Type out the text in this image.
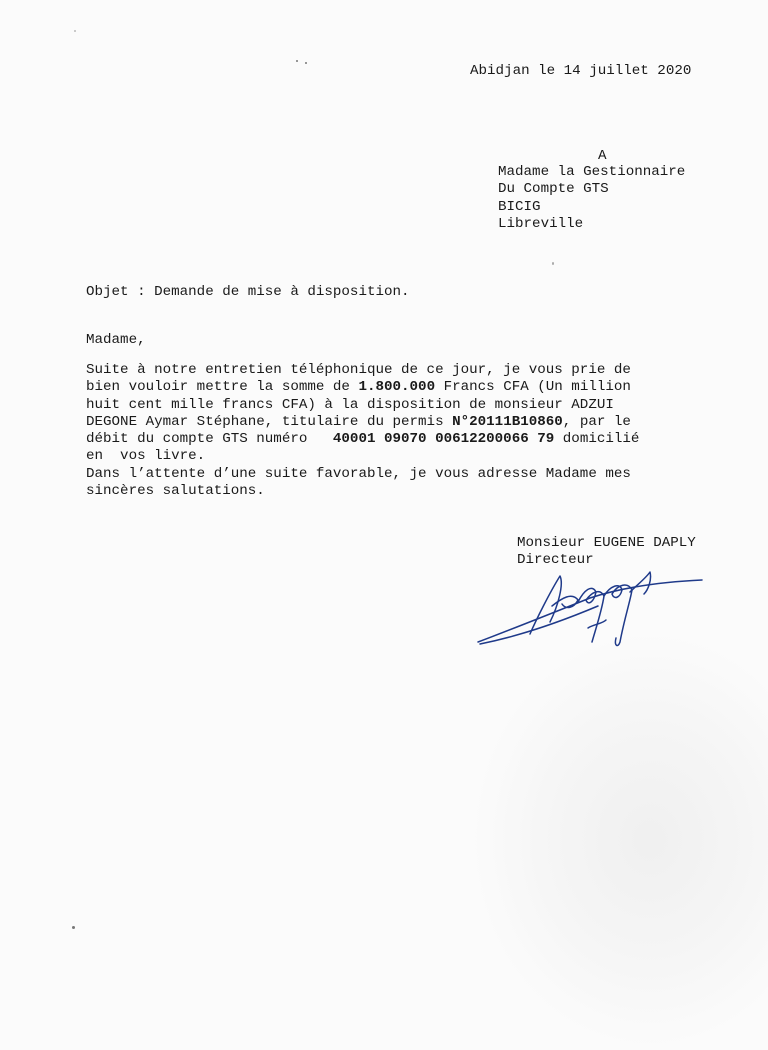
Abidjan le 14 juillet 2020
A
Madame la Gestionnaire
Du Compte GTS
BICIG
Libreville
Objet : Demande de mise à disposition.
Madame,
Suite à notre entretien téléphonique de ce jour, je vous prie de
bien vouloir mettre la somme de 1.800.000 Francs CFA (Un million
huit cent mille francs CFA) à la disposition de monsieur ADZUI
DEGONE Aymar Stéphane, titulaire du permis N°20111B10860, par le
débit du compte GTS numéro   40001 09070 00612200066 79 domicilié
en  vos livre.
Dans l’attente d’une suite favorable, je vous adresse Madame mes
sincères salutations.
Monsieur EUGENE DAPLY
Directeur
